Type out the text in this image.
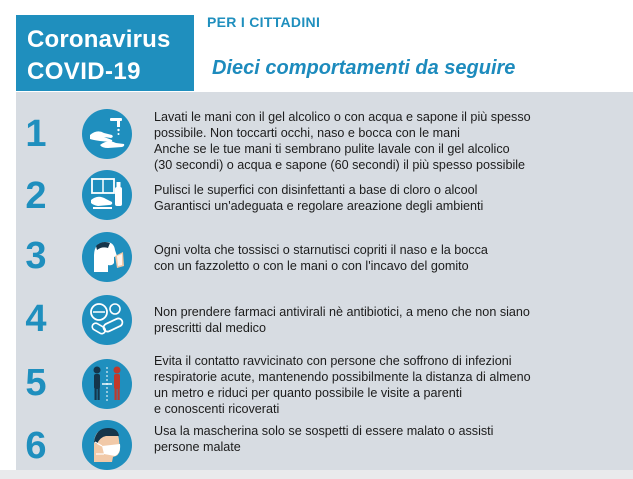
Coronavirus
COVID-19
PER I CITTADINI
Dieci comportamenti da seguire
1	Lavati le mani con il gel alcolico o con acqua e sapone il più spesso
possibile. Non toccarti occhi, naso e bocca con le mani
Anche se le tue mani ti sembrano pulite lavale con il gel alcolico
(30 secondi) o acqua e sapone (60 secondi) il più spesso possibile
2	Pulisci le superfici con disinfettanti a base di cloro o alcool
Garantisci un'adeguata e regolare areazione degli ambienti
3	Ogni volta che tossisci o starnutisci copriti il naso e la bocca
con un fazzoletto o con le mani o con l'incavo del gomito
4	Non prendere farmaci antivirali nè antibiotici, a meno che non siano
prescritti dal medico
5
Evita il contatto ravvicinato con persone che soffrono di infezioni
respiratorie acute, mantenendo possibilmente la distanza di almeno
un metro e riduci per quanto possibile le visite a parenti
e conoscenti ricoverati
6	Usa la mascherina solo se sospetti di essere malato o assisti
persone malate
